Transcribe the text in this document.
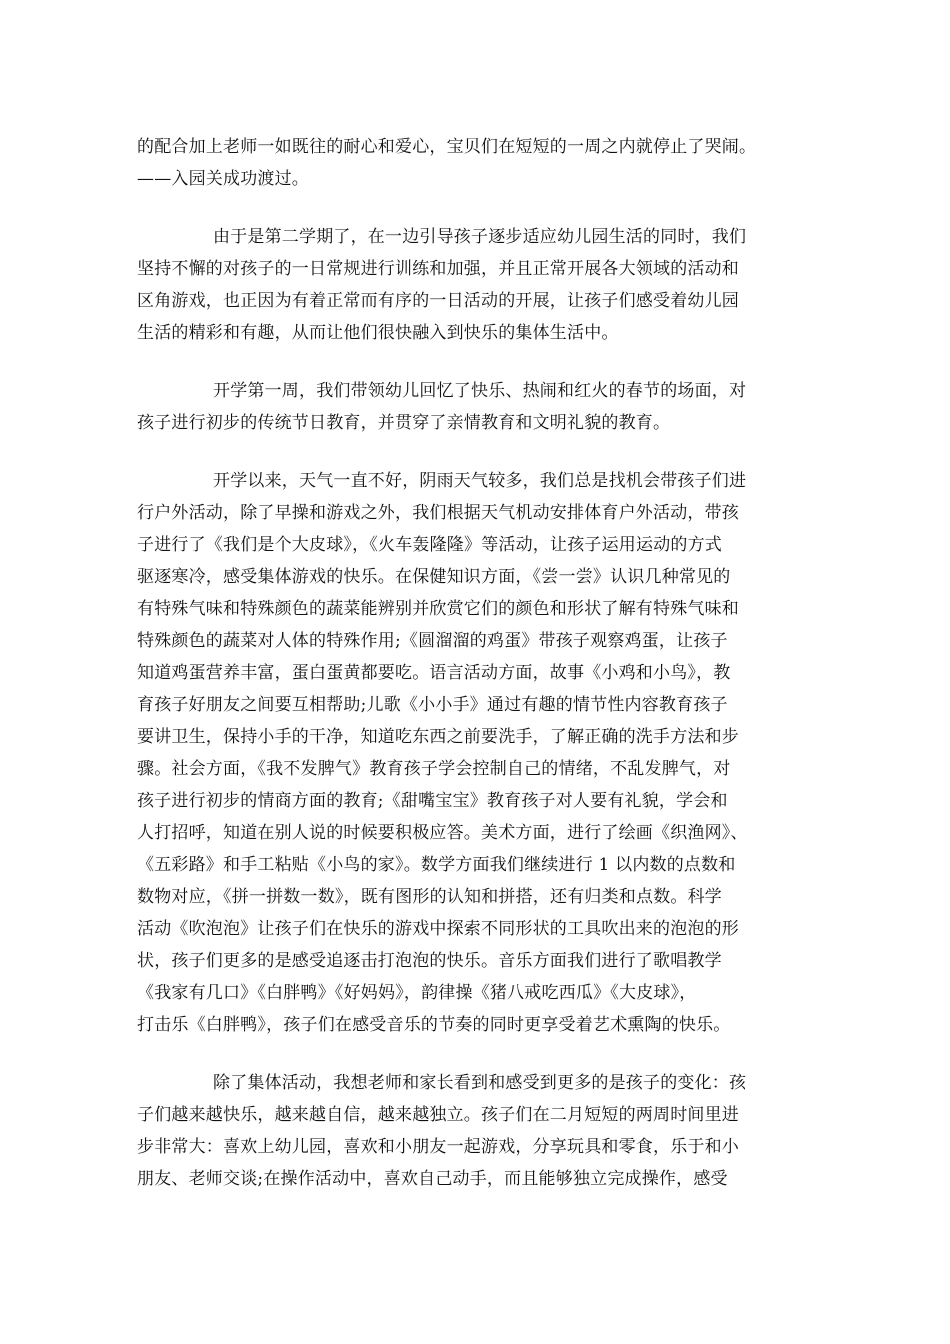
的配合加上老师一如既往的耐心和爱心，宝贝们在短短的一周之内就停止了哭闹。
——入园关成功渡过。
由于是第二学期了，在一边引导孩子逐步适应幼儿园生活的同时，我们
坚持不懈的对孩子的一日常规进行训练和加强，并且正常开展各大领域的活动和
区角游戏，也正因为有着正常而有序的一日活动的开展，让孩子们感受着幼儿园
生活的精彩和有趣，从而让他们很快融入到快乐的集体生活中。
开学第一周，我们带领幼儿回忆了快乐、热闹和红火的春节的场面，对
孩子进行初步的传统节日教育，并贯穿了亲情教育和文明礼貌的教育。
开学以来，天气一直不好，阴雨天气较多，我们总是找机会带孩子们进
行户外活动，除了早操和游戏之外，我们根据天气机动安排体育户外活动，带孩
子进行了《我们是个大皮球》，《火车轰隆隆》等活动，让孩子运用运动的方式
驱逐寒冷，感受集体游戏的快乐。在保健知识方面，《尝一尝》认识几种常见的
有特殊气味和特殊颜色的蔬菜能辨别并欣赏它们的颜色和形状了解有特殊气味和
特殊颜色的蔬菜对人体的特殊作用;《圆溜溜的鸡蛋》带孩子观察鸡蛋，让孩子
知道鸡蛋营养丰富，蛋白蛋黄都要吃。语言活动方面，故事《小鸡和小鸟》，教
育孩子好朋友之间要互相帮助;儿歌《小小手》通过有趣的情节性内容教育孩子
要讲卫生，保持小手的干净，知道吃东西之前要洗手，了解正确的洗手方法和步
骤。社会方面，《我不发脾气》教育孩子学会控制自己的情绪，不乱发脾气，对
孩子进行初步的情商方面的教育;《甜嘴宝宝》教育孩子对人要有礼貌，学会和
人打招呼，知道在别人说的时候要积极应答。美术方面，进行了绘画《织渔网》、
《五彩路》和手工粘贴《小鸟的家》。数学方面我们继续进行 1 以内数的点数和
数物对应，《拼一拼数一数》，既有图形的认知和拼搭，还有归类和点数。科学
活动《吹泡泡》让孩子们在快乐的游戏中探索不同形状的工具吹出来的泡泡的形
状，孩子们更多的是感受追逐击打泡泡的快乐。音乐方面我们进行了歌唱教学
《我家有几口》《白胖鸭》《好妈妈》，韵律操《猪八戒吃西瓜》《大皮球》，
打击乐《白胖鸭》，孩子们在感受音乐的节奏的同时更享受着艺术熏陶的快乐。
除了集体活动，我想老师和家长看到和感受到更多的是孩子的变化：孩
子们越来越快乐，越来越自信，越来越独立。孩子们在二月短短的两周时间里进
步非常大：喜欢上幼儿园，喜欢和小朋友一起游戏，分享玩具和零食，乐于和小
朋友、老师交谈;在操作活动中，喜欢自己动手，而且能够独立完成操作，感受
